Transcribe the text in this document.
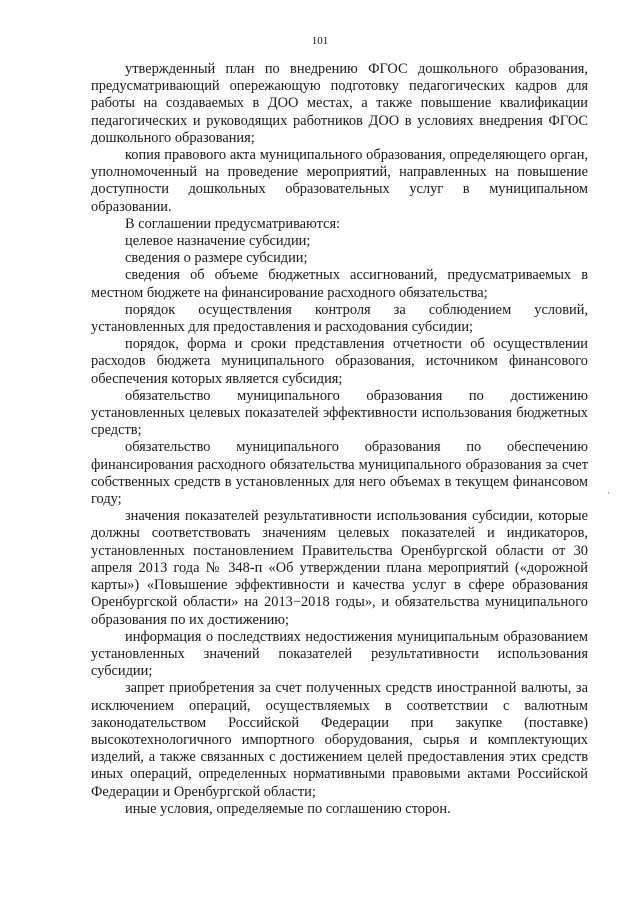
101

утвержденный план по внедрению ФГОС дошкольного образования, предусматривающий опережающую подготовку педагогических кадров для работы на создаваемых в ДОО местах, а также повышение квалификации педагогических и руководящих работников ДОО в условиях внедрения ФГОС дошкольного образования;

копия правового акта муниципального образования, определяющего орган, уполномоченный на проведение мероприятий, направленных на повышение доступности дошкольных образовательных услуг в муниципальном образовании.

В соглашении предусматриваются:

целевое назначение субсидии;

сведения о размере субсидии;

сведения об объеме бюджетных ассигнований, предусматриваемых в местном бюджете на финансирование расходного обязательства;

порядок осуществления контроля за соблюдением условий, установленных для предоставления и расходования субсидии;

порядок, форма и сроки представления отчетности об осуществлении расходов бюджета муниципального образования, источником финансового обеспечения которых является субсидия;

обязательство муниципального образования по достижению установленных целевых показателей эффективности использования бюджетных средств;

обязательство муниципального образования по обеспечению финансирования расходного обязательства муниципального образования за счет собственных средств в установленных для него объемах в текущем финансовом году;

значения показателей результативности использования субсидии, которые должны соответствовать значениям целевых показателей и индикаторов, установленных постановлением Правительства Оренбургской области от 30 апреля 2013 года № 348-п «Об утверждении плана мероприятий («дорожной карты») «Повышение эффективности и качества услуг в сфере образования Оренбургской области» на 2013−2018 годы», и обязательства муниципального образования по их достижению;

информация о последствиях недостижения муниципальным образованием установленных значений показателей результативности использования субсидии;

запрет приобретения за счет полученных средств иностранной валюты, за исключением операций, осуществляемых в соответствии с валютным законодательством Российской Федерации при закупке (поставке) высокотехнологичного импортного оборудования, сырья и комплектующих изделий, а также связанных с достижением целей предоставления этих средств иных операций, определенных нормативными правовыми актами Российской Федерации и Оренбургской области;

иные условия, определяемые по соглашению сторон.

·
